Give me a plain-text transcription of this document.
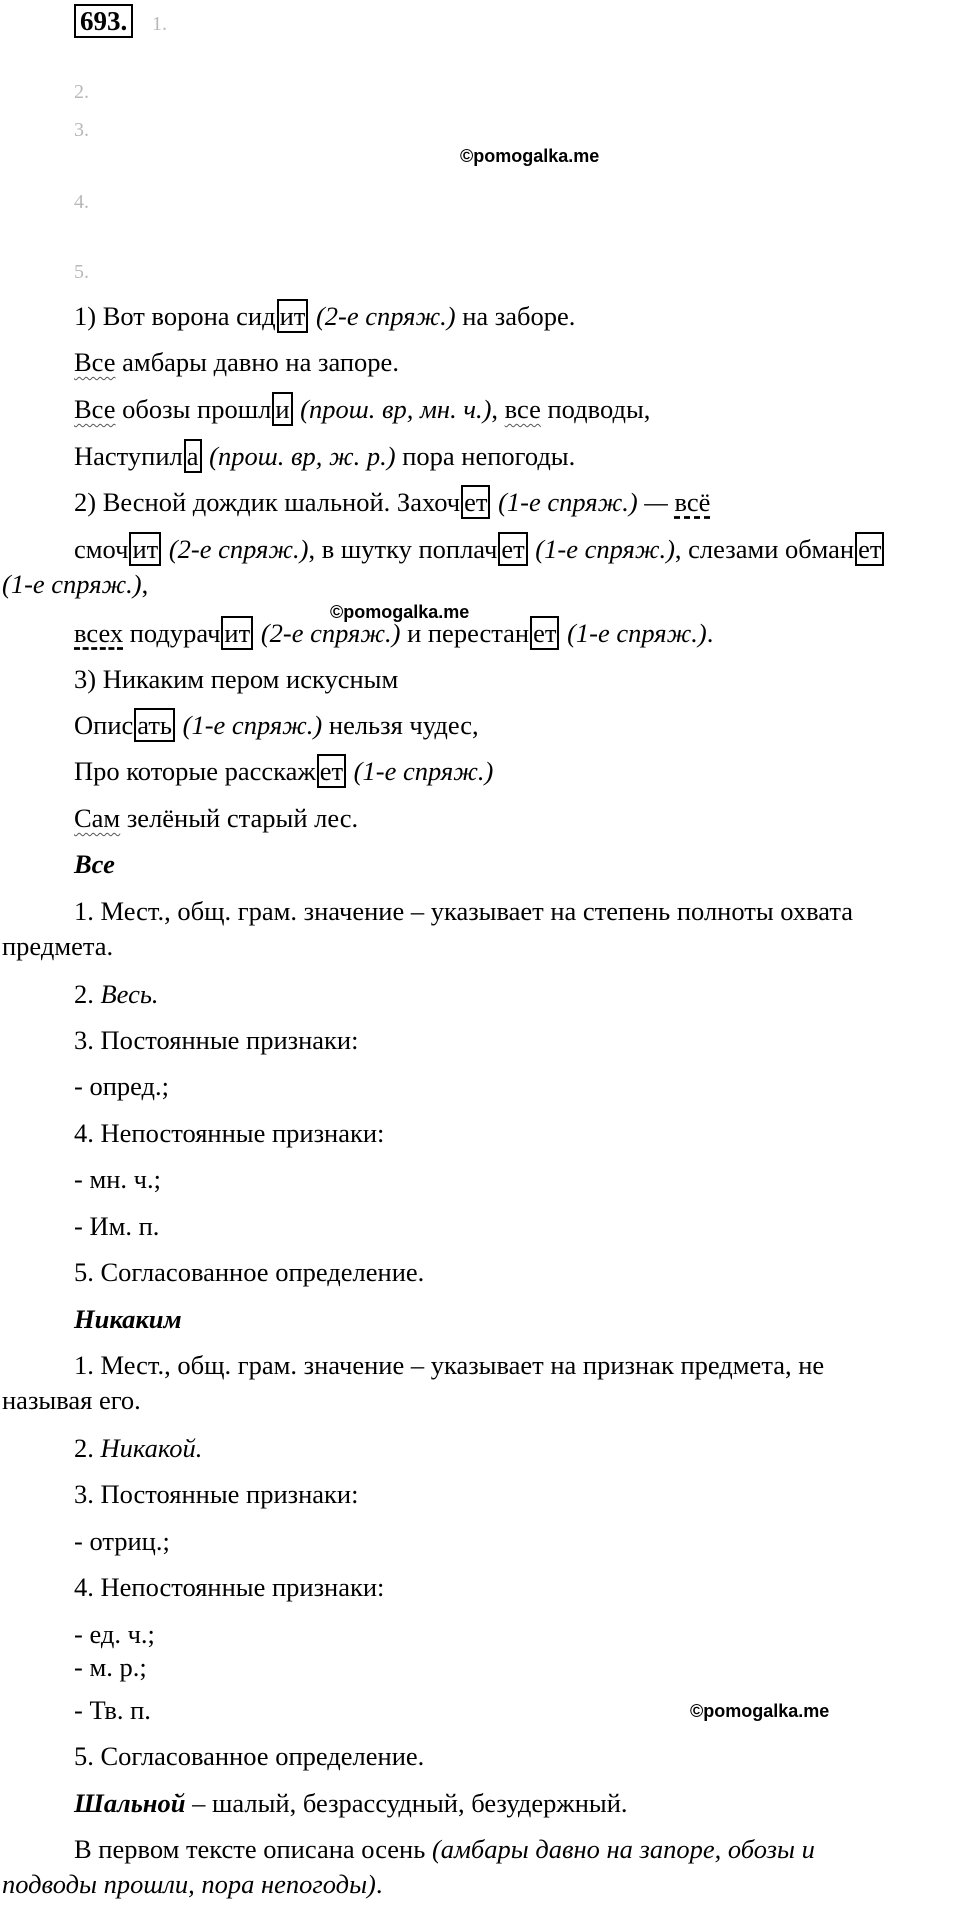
693.	1.
2.
3.
4.
5.
©pomogalka.me
©pomogalka.me
©pomogalka.me
1) Вот ворона сид ит (2-е спряж.) на заборе.
Все амбары давно на запоре.
Все обозы прошл и (прош. вр, мн. ч.), все подводы,
Наступил а (прош. вр, ж. р.) пора непогоды.
2) Весной дождик шальной. Захоч ет (1-е спряж.) — всё
смоч ит (2-е спряж.), в шутку поплач ет (1-е спряж.), слезами обман ет
(1-е спряж.),
всех подурач ит (2-е спряж.) и перестан ет (1-е спряж.).
3) Никаким пером искусным
Опис ать (1-е спряж.) нельзя чудес,
Про которые расскаж ет (1-е спряж.)
Сам зелёный старый лес.
Все
1. Мест., общ. грам. значение – указывает на степень полноты охвата
предмета.
2. Весь.
3. Постоянные признаки:
- опред.;
4. Непостоянные признаки:
- мн. ч.;
- Им. п.
5. Согласованное определение.
Никаким
1. Мест., общ. грам. значение – указывает на признак предмета, не
называя его.
2. Никакой.
3. Постоянные признаки:
- отриц.;
4. Непостоянные признаки:
- ед. ч.;
- м. р.;
- Тв. п.
5. Согласованное определение.
Шальной – шалый, безрассудный, безудержный.
В первом тексте описана осень (амбары давно на запоре, обозы и
подводы прошли, пора непогоды).
